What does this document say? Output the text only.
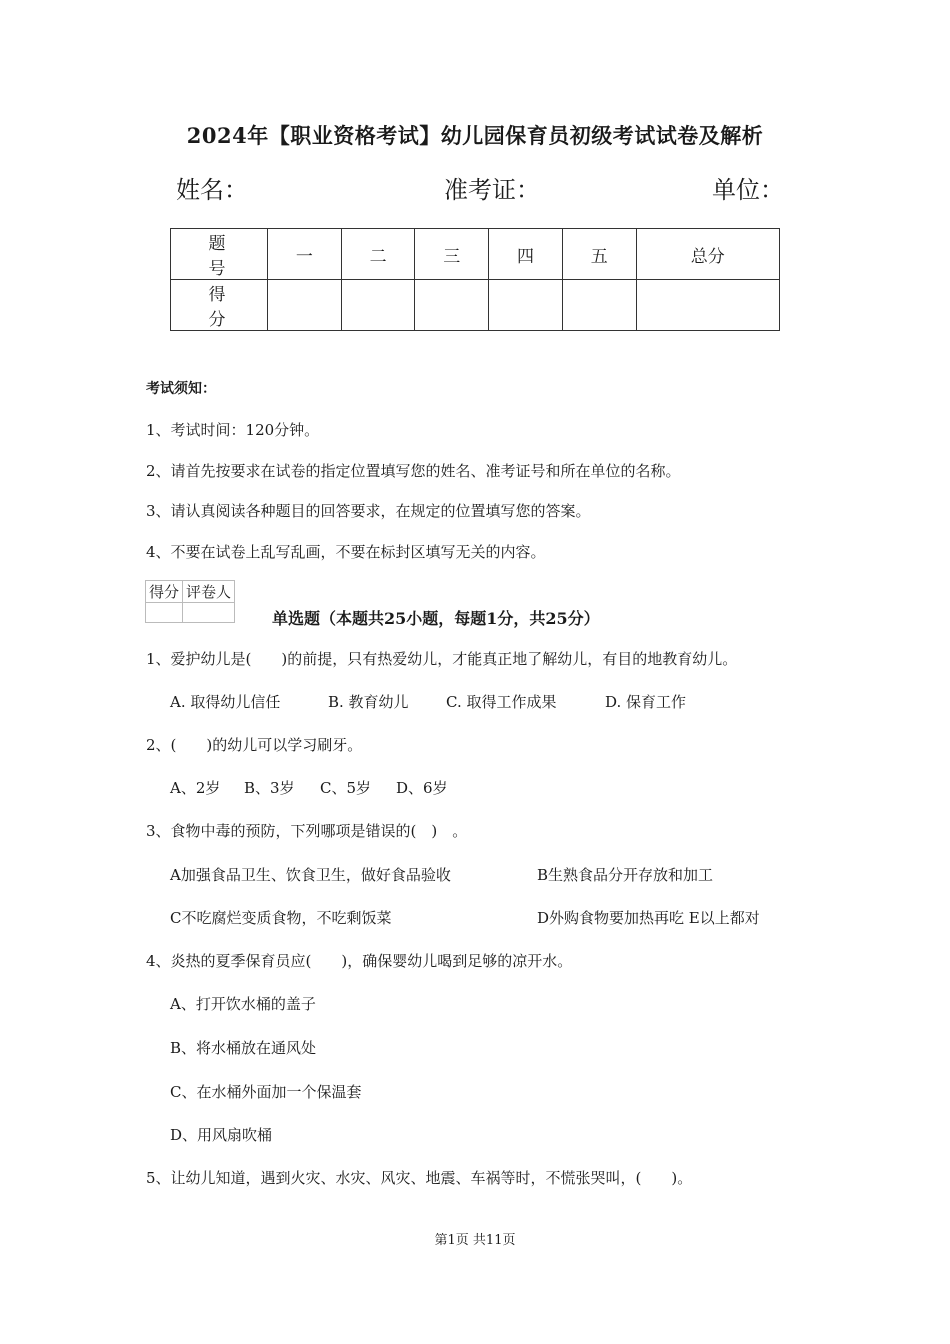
2024年【职业资格考试】幼儿园保育员初级考试试卷及解析
姓名：	准考证：	单位：
题　号	一	二	三	四	五	总分
得　分						
考试须知：
1、考试时间：120分钟。
2、请首先按要求在试卷的指定位置填写您的姓名、准考证号和所在单位的名称。
3、请认真阅读各种题目的回答要求，在规定的位置填写您的答案。
4、不要在试卷上乱写乱画，不要在标封区填写无关的内容。
得分	评卷人

单选题（本题共25小题，每题1分，共25分）
1、爱护幼儿是(　　)的前提，只有热爱幼儿，才能真正地了解幼儿，有目的地教育幼儿。
A. 取得幼儿信任	B. 教育幼儿 C. 取得工作成果	D. 保育工作
2、(　　)的幼儿可以学习刷牙。
A、2岁 B、3岁 C、5岁 D、6岁
3、食物中毒的预防，下列哪项是错误的(　)　。
A加强食品卫生、饮食卫生，做好食品验收	B生熟食品分开存放和加工
C不吃腐烂变质食物，不吃剩饭菜	D外购食物要加热再吃 E以上都对
4、炎热的夏季保育员应(　　)，确保婴幼儿喝到足够的凉开水。
A、打开饮水桶的盖子
B、将水桶放在通风处
C、在水桶外面加一个保温套
D、用风扇吹桶
5、让幼儿知道，遇到火灾、水灾、风灾、地震、车祸等时，不慌张哭叫，(　　)。
第1页 共11页
